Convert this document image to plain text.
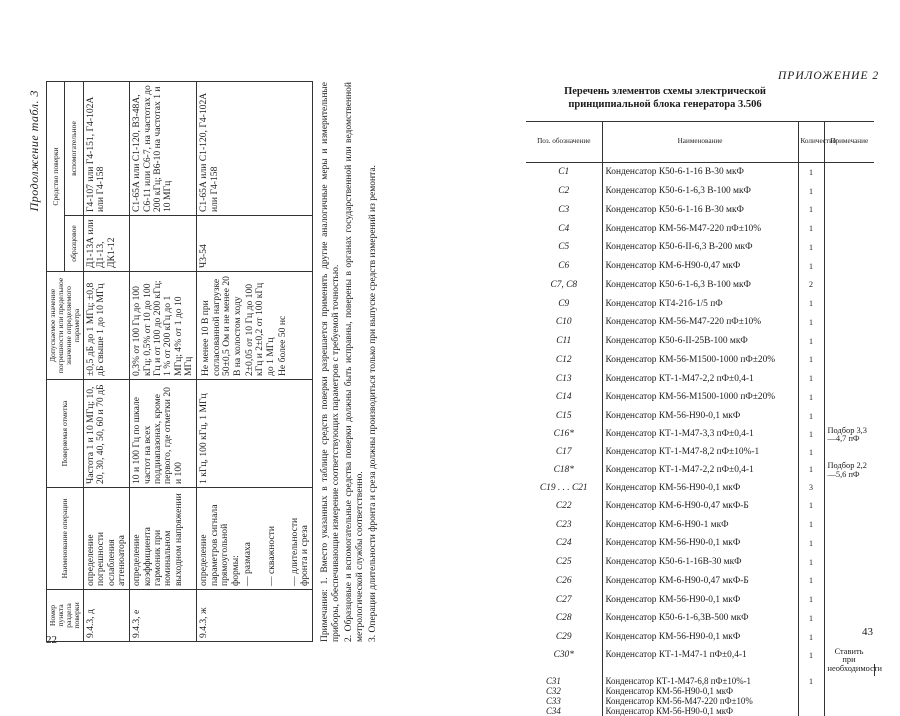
Продолжение табл. 3
Номер пункта раздела поверки	Наименование операции	Поверяемая отметка	Допускаемое значение погрешности или предельное значение определяемого параметра	Средство поверки	
				образцовое	вспомогательное
9.4.3, д	определение погрешности ослабления аттенюатора	Частота 1 и 10 МГц; 10, 20, 30, 40, 50, 60 и 70 дБ	±0,5 дБ до 1 МГц; ±0,8 дБ свыше 1 до 10 МГц	Д1-13А или Д1-13, ДК1-12	Г4-107 или Г4-151, Г4-102А или Г4-158
9.4.3, е	определение коэффициента гармоник при номинальном выходном напряжении	10 и 100 Гц по шкале частот на всех поддиапазонах, кроме первого, где отметки 20 и 100	0,3% от 100 Гц до 100 кГц; 0,5% от 10 до 100 Гц и от 100 до 200 кГц; 1 % от 200 кГц до 1 МГц; 4% от 1 до 10 МГц		С1-65А или С1-120, В3-48А, С6-11 или С6-7, на частотах до 200 кГц; В6-10 на частотах 1 и 10 МГц
9.4.3, ж	определение параметров сигнала прямоугольной формы: — размаха — скважности — длительности фронта и среза	1 кГц, 100 кГц, 1 МГц	Не менее 10 В при согласованной нагрузке 50±0,5 Ом и не менее 20 В на холостом ходу 2±0,05 от 10 Гц до 100 кГц и 2±0,2 от 100 кГц до 1 МГц Не более 50 нс	Ч3-54	С1-65А или С1-120, Г4-102А или Г4-158	Примечания: 1. Вместо указанных в таблице средств поверки разрешается применять другие аналогичные меры и измерительные приборы, обеспечивающие измерение соответствующих параметров с требуемой точностью. 2. Образцовые и вспомогательные средства поверки должны быть исправны, поверены в органах государственной или ведомственной метрологической службы соответственно. 3. Операции длительности фронта и среза должны производиться только при выпуске средств измерений из ремонта.

22
ПРИЛОЖЕНИЕ 2
Перечень элементов схемы электрической принципиальной блока генератора 3.506
Поз. обозначение	Наименование	Количество	Примечание	
С1	Конденсатор К50-6-1-16 В-30 мкФ	1		
С2	Конденсатор К50-6-1-6,3 В-100 мкФ	1		
С3	Конденсатор К50-6-1-16 В-30 мкФ	1		
С4	Конденсатор КМ-56-М47-220 пФ±10%	1		
С5	Конденсатор К50-6-II-6,3 В-200 мкФ	1		
С6	Конденсатор КМ-6-Н90-0,47 мкФ	1		
С7, С8	Конденсатор К50-6-1-6,3 В-100 мкФ	2		
С9	Конденсатор КТ4-21б-1/5 пФ	1		
С10	Конденсатор КМ-56-М47-220 пФ±10%	1		
С11	Конденсатор К50-6-II-25В-100 мкФ	1		
С12	Конденсатор КМ-56-М1500-1000 пФ±20%	1		
С13	Конденсатор КТ-1-М47-2,2 пФ±0,4-1	1		
С14	Конденсатор КМ-56-М1500-1000 пФ±20%	1		
С15	Конденсатор КМ-56-Н90-0,1 мкФ	1		
С16*	Конденсатор КТ-1-М47-3,3 пФ±0,4-1	1	Подбор 3,3—4,7 пФ	
С17	Конденсатор КТ-1-М47-8,2 пФ±10%-1	1		
С18*	Конденсатор КТ-1-М47-2,2 пФ±0,4-1	1	Подбор 2,2—5,6 пФ	
С19 . . . С21	Конденсатор КМ-56-Н90-0,1 мкФ	3		
С22	Конденсатор КМ-6-Н90-0,47 мкФ-Б	1		
С23	Конденсатор КМ-6-Н90-1 мкФ	1		
С24	Конденсатор КМ-56-Н90-0,1 мкФ	1		
С25	Конденсатор К50-6-1-16В-30 мкФ	1		
С26	Конденсатор КМ-6-Н90-0,47 мкФ-Б	1		
С27	Конденсатор КМ-56-Н90-0,1 мкФ	1		
С28	Конденсатор К50-6-1-6,3В-500 мкФ	1		
С29	Конденсатор КМ-56-Н90-0,1 мкФ	1		
С30*	Конденсатор КТ-1-М47-1 пФ±0,4-1	1	Ставить при необходимости	

С31	Конденсатор КТ-1-М47-6,8 пФ±10%-1	1		
С32	Конденсатор КМ-56-Н90-0,1 мкФ			
С33	Конденсатор КМ-56-М47-220 пФ±10%			
С34	Конденсатор КМ-56-Н90-0,1 мкФ			
43
